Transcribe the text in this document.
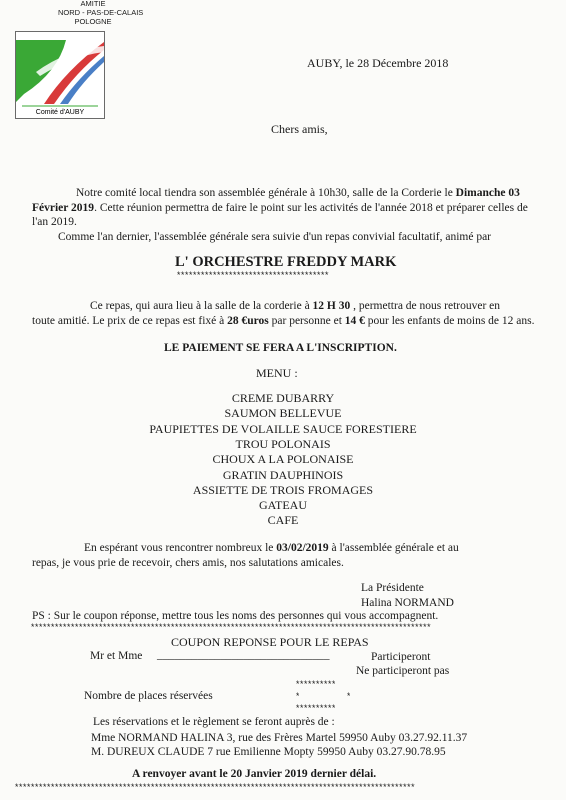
AMITIE
NORD - PAS-DE-CALAIS
POLOGNE
Comité d'AUBY
AUBY, le 28 Décembre 2018
Chers amis,
Notre comité local tiendra son assemblée générale à 10h30, salle de la Corderie le Dimanche 03
Février 2019. Cette réunion permettra de faire le point sur les activités de l'année 2018 et préparer celles de
l'an 2019.
Comme l'an dernier, l'assemblée générale sera suivie d'un repas convivial facultatif, animé par
L' ORCHESTRE FREDDY MARK
**************************************
Ce repas, qui aura lieu à la salle de la corderie à 12 H 30 , permettra de nous retrouver en
toute amitié. Le prix de ce repas est fixé à 28 €uros par personne et 14 € pour les enfants de moins de 12 ans.
LE PAIEMENT SE FERA A L'INSCRIPTION.
MENU :
CREME DUBARRY
SAUMON BELLEVUE
PAUPIETTES DE VOLAILLE SAUCE FORESTIERE
TROU POLONAIS
CHOUX A LA POLONAISE
GRATIN DAUPHINOIS
ASSIETTE DE TROIS FROMAGES
GATEAU
CAFE
En espérant vous rencontrer nombreux le 03/02/2019 à l'assemblée générale et au
repas, je vous prie de recevoir, chers amis, nos salutations amicales.
La Présidente
Halina NORMAND
PS : Sur le coupon réponse, mettre tous les noms des personnes qui vous accompagnent.
****************************************************************************************************
COUPON REPONSE POUR LE REPAS
Mr et Mme ______________________________	Participeront
Ne participeront pas
**********
Nombre de places réservées	*	*
**********
Les réservations et le règlement se feront auprès de :
Mme NORMAND HALINA 3, rue des Frères Martel 59950 Auby 03.27.92.11.37
M. DUREUX CLAUDE 7 rue Emilienne Mopty 59950 Auby 03.27.90.78.95
A renvoyer avant le 20 Janvier 2019 dernier délai.
****************************************************************************************************
